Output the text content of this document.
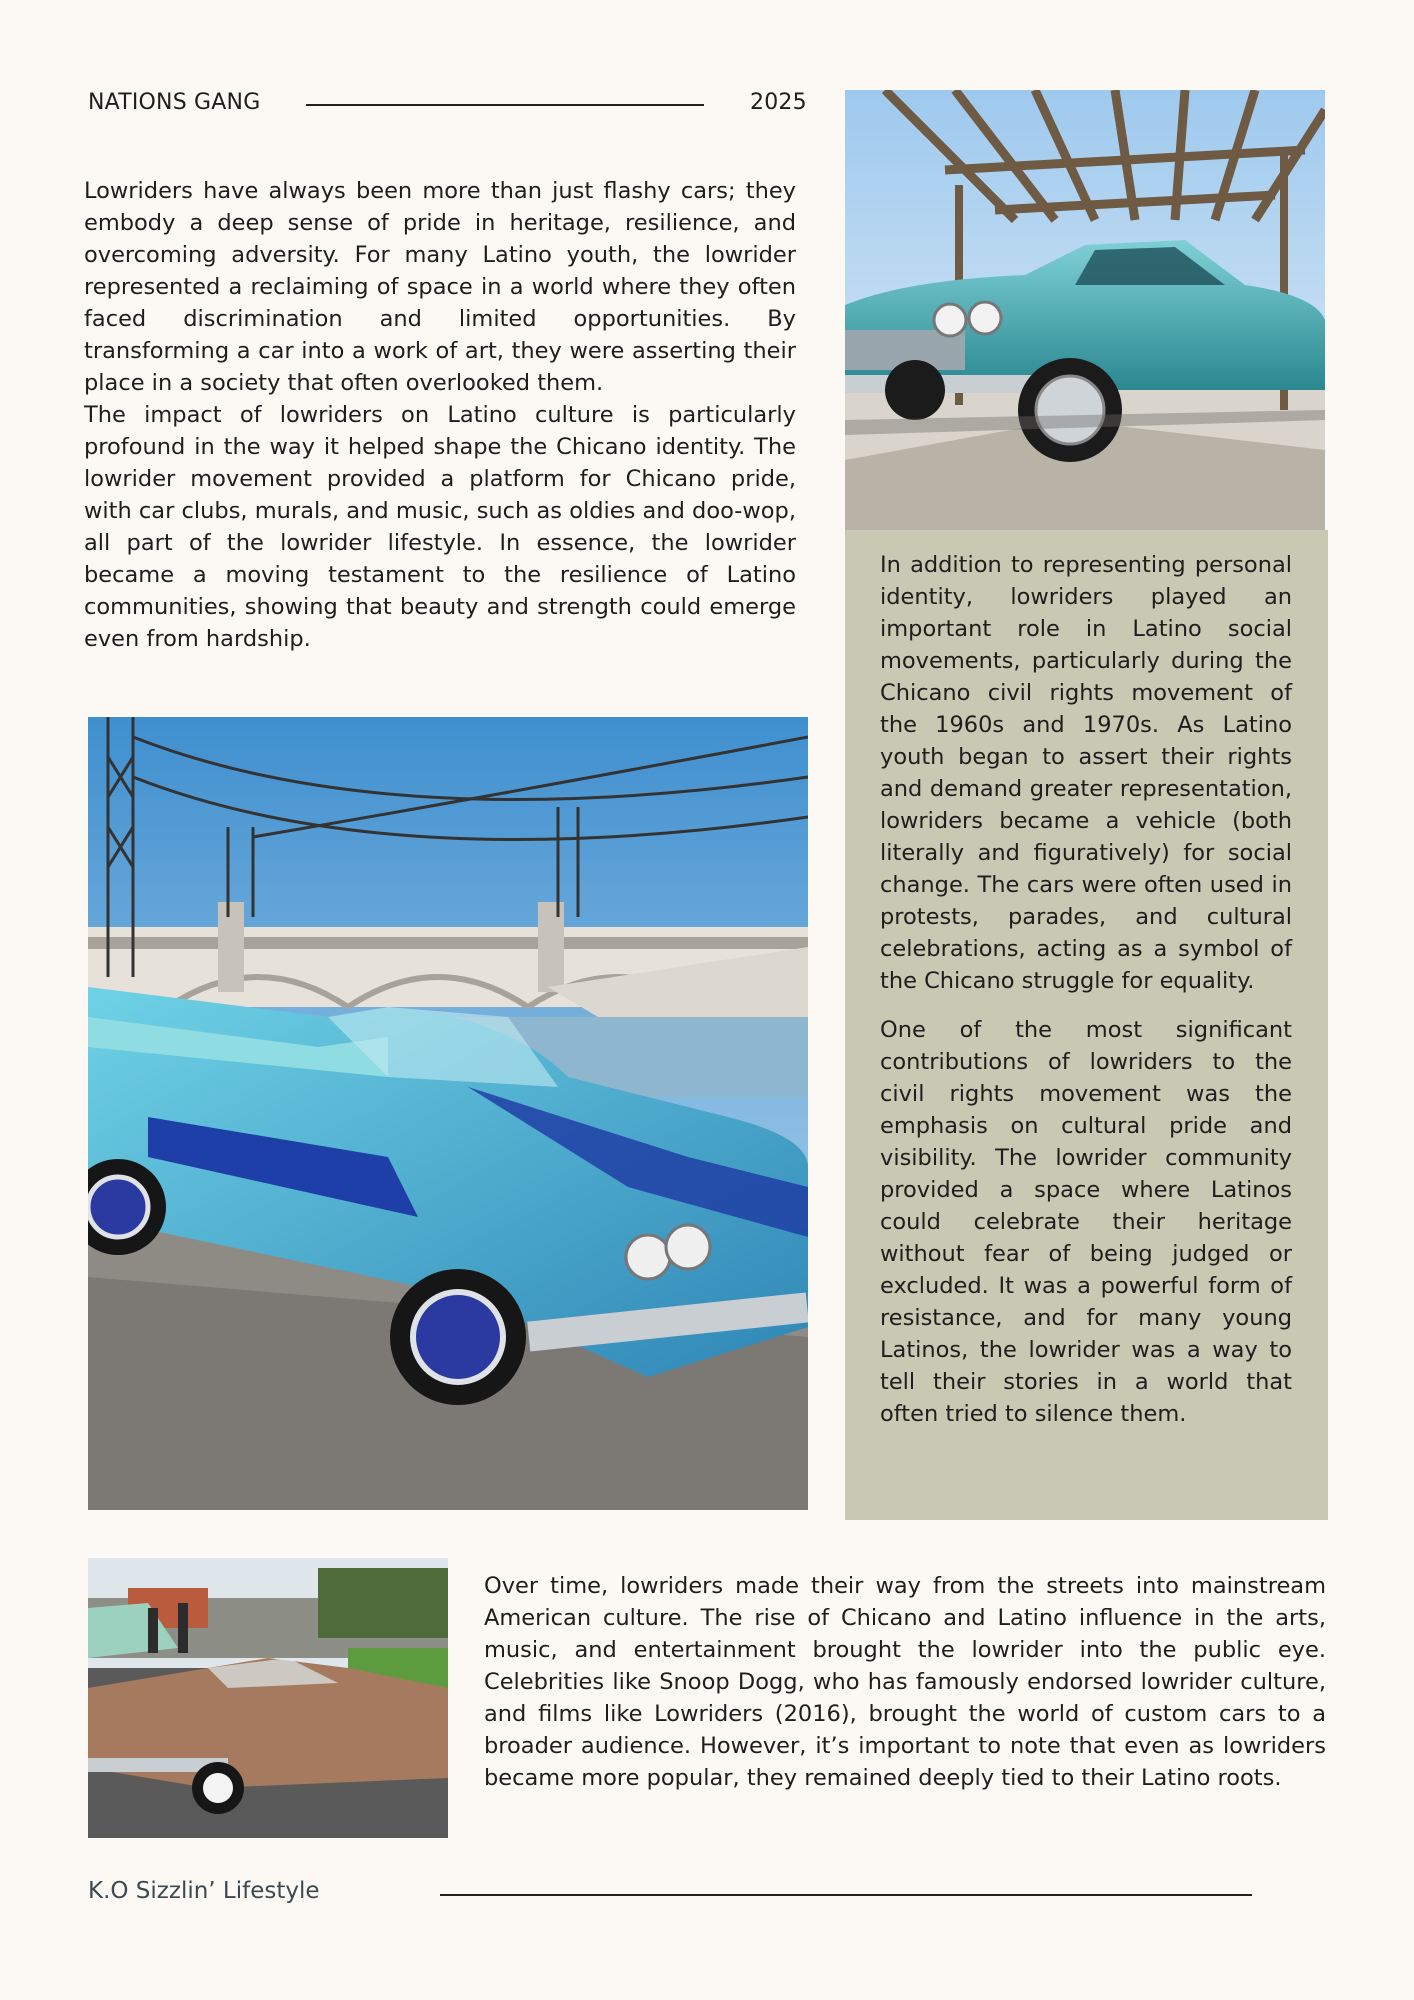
NATIONS GANG	2025

Lowriders have always been more than just flashy cars; they embody a deep sense of pride in heritage, resilience, and overcoming adversity. For many Latino youth, the lowrider represented a reclaiming of space in a world where they often faced discrimination and limited opportunities. By transforming a car into a work of art, they were asserting their place in a society that often overlooked them.

The impact of lowriders on Latino culture is particularly profound in the way it helped shape the Chicano identity. The lowrider movement provided a platform for Chicano pride, with car clubs, murals, and music, such as oldies and doo-wop, all part of the lowrider lifestyle. In essence, the lowrider became a moving testament to the resilience of Latino communities, showing that beauty and strength could emerge even from hardship.

In addition to representing personal identity, lowriders played an important role in Latino social movements, particularly during the Chicano civil rights movement of the 1960s and 1970s. As Latino youth began to assert their rights and demand greater representation, lowriders became a vehicle (both literally and figuratively) for social change. The cars were often used in protests, parades, and cultural celebrations, acting as a symbol of the Chicano struggle for equality.

One of the most significant contributions of lowriders to the civil rights movement was the emphasis on cultural pride and visibility. The lowrider community provided a space where Latinos could celebrate their heritage without fear of being judged or excluded. It was a powerful form of resistance, and for many young Latinos, the lowrider was a way to tell their stories in a world that often tried to silence them.

Over time, lowriders made their way from the streets into mainstream American culture. The rise of Chicano and Latino influence in the arts, music, and entertainment brought the lowrider into the public eye. Celebrities like Snoop Dogg, who has famously endorsed lowrider culture, and films like Lowriders (2016), brought the world of custom cars to a broader audience. However, it’s important to note that even as lowriders became more popular, they remained deeply tied to their Latino roots.

K.O Sizzlin’ Lifestyle
